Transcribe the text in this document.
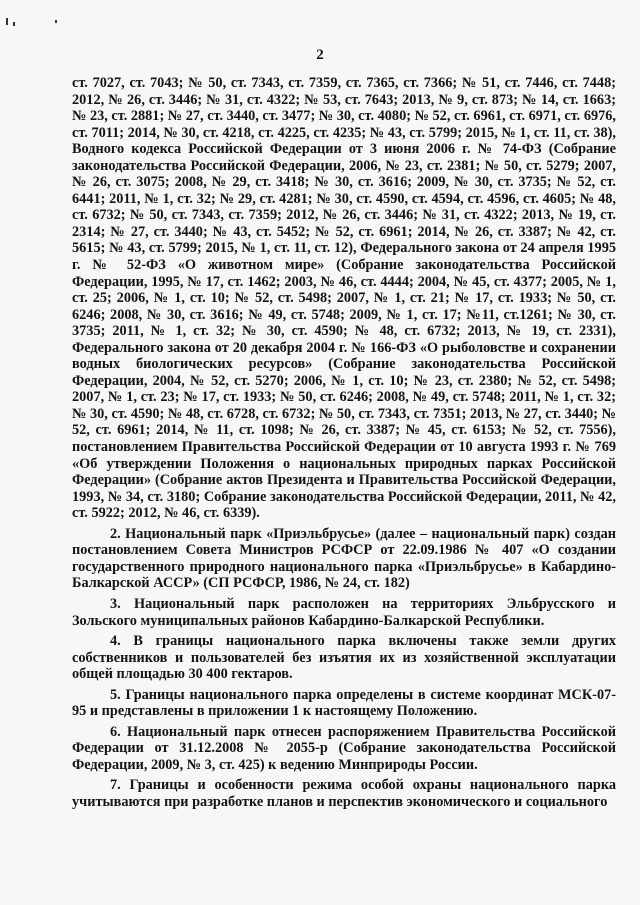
2

ст. 7027, ст. 7043; № 50, ст. 7343, ст. 7359, ст. 7365, ст. 7366; № 51, ст. 7446, ст. 7448; 2012, № 26, ст. 3446; № 31, ст. 4322; № 53, ст. 7643; 2013, № 9, ст. 873; № 14, ст. 1663; № 23, ст. 2881; № 27, ст. 3440, ст. 3477; № 30, ст. 4080; № 52, ст. 6961, ст. 6971, ст. 6976, ст. 7011; 2014, № 30, ст. 4218, ст. 4225, ст. 4235; № 43, ст. 5799; 2015, № 1, ст. 11, ст. 38), Водного кодекса Российской Федерации от 3 июня 2006 г. № 74-ФЗ (Собрание законодательства Российской Федерации, 2006, № 23, ст. 2381; № 50, ст. 5279; 2007, № 26, ст. 3075; 2008, № 29, ст. 3418; № 30, ст. 3616; 2009, № 30, ст. 3735; № 52, ст. 6441; 2011, № 1, ст. 32; № 29, ст. 4281; № 30, ст. 4590, ст. 4594, ст. 4596, ст. 4605; № 48, ст. 6732; № 50, ст. 7343, ст. 7359; 2012, № 26, ст. 3446; № 31, ст. 4322; 2013, № 19, ст. 2314; № 27, ст. 3440; № 43, ст. 5452; № 52, ст. 6961; 2014, № 26, ст. 3387; № 42, ст. 5615; № 43, ст. 5799; 2015, № 1, ст. 11, ст. 12), Федерального закона от 24 апреля 1995 г. № 52-ФЗ «О животном мире» (Собрание законодательства Российской Федерации, 1995, № 17, ст. 1462; 2003, № 46, ст. 4444; 2004, № 45, ст. 4377; 2005, № 1, ст. 25; 2006, № 1, ст. 10; № 52, ст. 5498; 2007, № 1, ст. 21; № 17, ст. 1933; № 50, ст. 6246; 2008, № 30, ст. 3616; № 49, ст. 5748; 2009, № 1, ст. 17; №11, ст.1261; № 30, ст. 3735; 2011, № 1, ст. 32; № 30, ст. 4590; № 48, ст. 6732; 2013, № 19, ст. 2331), Федерального закона от 20 декабря 2004 г. № 166-ФЗ «О рыболовстве и сохранении водных биологических ресурсов» (Собрание законодательства Российской Федерации, 2004, № 52, ст. 5270; 2006, № 1, ст. 10; № 23, ст. 2380; № 52, ст. 5498; 2007, № 1, ст. 23; № 17, ст. 1933; № 50, ст. 6246; 2008, № 49, ст. 5748; 2011, № 1, ст. 32; № 30, ст. 4590; № 48, ст. 6728, ст. 6732; № 50, ст. 7343, ст. 7351; 2013, № 27, ст. 3440; № 52, ст. 6961; 2014, № 11, ст. 1098; № 26, ст. 3387; № 45, ст. 6153; № 52, ст. 7556), постановлением Правительства Российской Федерации от 10 августа 1993 г. № 769 «Об утверждении Положения о национальных природных парках Российской Федерации» (Собрание актов Президента и Правительства Российской Федерации, 1993, № 34, ст. 3180; Собрание законодательства Российской Федерации, 2011, № 42, ст. 5922; 2012, № 46, ст. 6339).

2. Национальный парк «Приэльбрусье» (далее – национальный парк) создан постановлением Совета Министров РСФСР от 22.09.1986 № 407 «О создании государственного природного национального парка «Приэльбрусье» в Кабардино-Балкарской АССР» (СП РСФСР, 1986, № 24, ст. 182)

3. Национальный парк расположен на территориях Эльбрусского и Зольского муниципальных районов Кабардино-Балкарской Республики.

4. В границы национального парка включены также земли других собственников и пользователей без изъятия их из хозяйственной эксплуатации общей площадью 30 400 гектаров.

5. Границы национального парка определены в системе координат МСК-07-95 и представлены в приложении 1 к настоящему Положению.

6. Национальный парк отнесен распоряжением Правительства Российской Федерации от 31.12.2008 № 2055-р (Собрание законодательства Российской Федерации, 2009, № 3, ст. 425) к ведению Минприроды России.

7. Границы и особенности режима особой охраны национального парка учитываются при разработке планов и перспектив экономического и социального
